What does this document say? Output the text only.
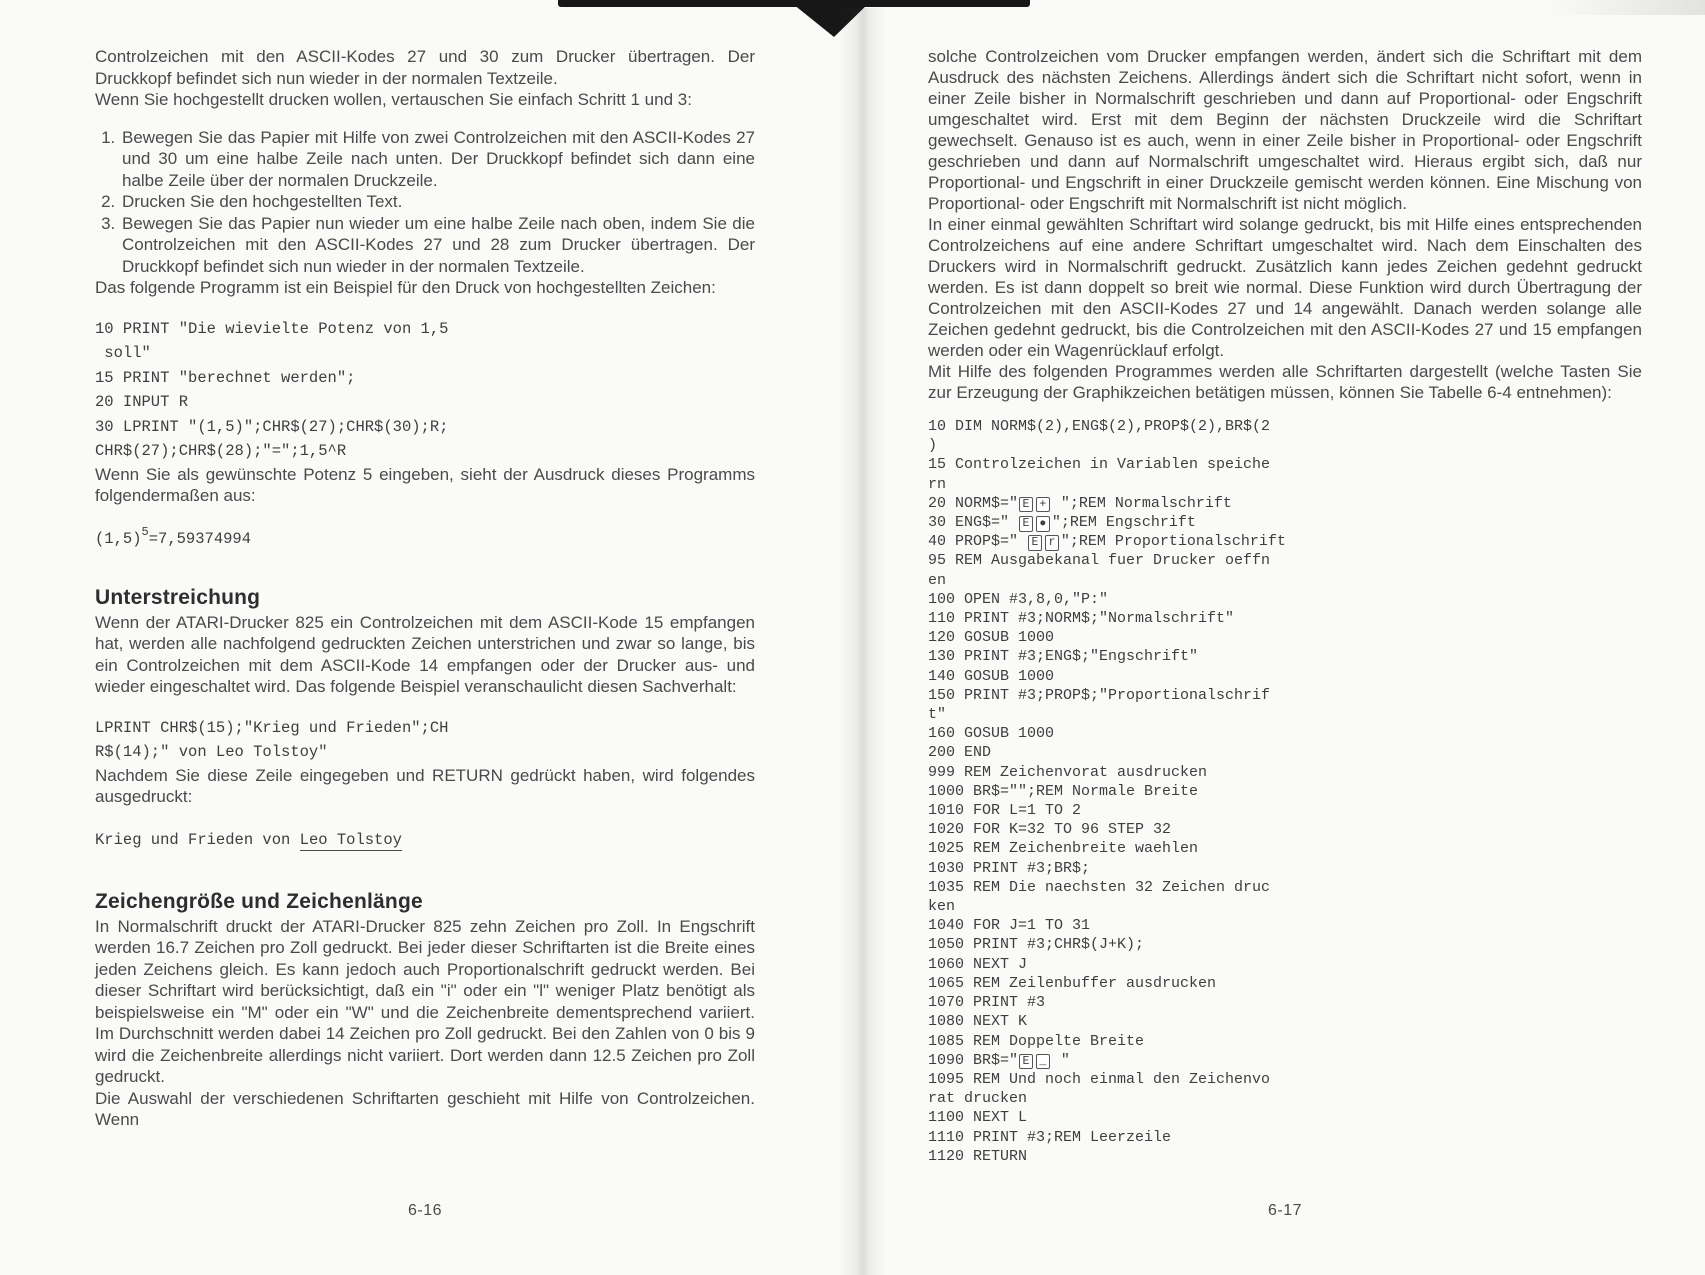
Controlzeichen mit den ASCII-Kodes 27 und 30 zum Drucker übertragen. Der Druckkopf befindet sich nun wieder in der normalen Textzeile.

Wenn Sie hochgestellt drucken wollen, vertauschen Sie einfach Schritt 1 und 3:

1. Bewegen Sie das Papier mit Hilfe von zwei Controlzeichen mit den ASCII-Kodes 27 und 30 um eine halbe Zeile nach unten. Der Druckkopf befindet sich dann eine halbe Zeile über der normalen Druckzeile.
2. Drucken Sie den hochgestellten Text.
3. Bewegen Sie das Papier nun wieder um eine halbe Zeile nach oben, indem Sie die Controlzeichen mit den ASCII-Kodes 27 und 28 zum Drucker übertragen. Der Druckkopf befindet sich nun wieder in der normalen Textzeile.

Das folgende Programm ist ein Beispiel für den Druck von hochgestellten Zeichen:

10 PRINT "Die wievielte Potenz von 1,5
soll"
15 PRINT "berechnet werden";
20 INPUT R
30 LPRINT "(1,5)";CHR$(27);CHR$(30);R;
CHR$(27);CHR$(28);"=";1,5^R

Wenn Sie als gewünschte Potenz 5 eingeben, sieht der Ausdruck dieses Programms folgendermaßen aus:

(1,5)5=7,59374994
Unterstreichung

Wenn der ATARI-Drucker 825 ein Controlzeichen mit dem ASCII-Kode 15 empfangen hat, werden alle nachfolgend gedruckten Zeichen unterstrichen und zwar so lange, bis ein Controlzeichen mit dem ASCII-Kode 14 empfangen oder der Drucker aus- und wieder eingeschaltet wird. Das folgende Beispiel veranschaulicht diesen Sachverhalt:

LPRINT CHR$(15);"Krieg und Frieden";CH
R$(14);" von Leo Tolstoy"

Nachdem Sie diese Zeile eingegeben und RETURN gedrückt haben, wird folgendes ausgedruckt:

Krieg und Frieden von Leo Tolstoy
Zeichengröße und Zeichenlänge

In Normalschrift druckt der ATARI-Drucker 825 zehn Zeichen pro Zoll. In Engschrift werden 16.7 Zeichen pro Zoll gedruckt. Bei jeder dieser Schriftarten ist die Breite eines jeden Zeichens gleich. Es kann jedoch auch Proportionalschrift gedruckt werden. Bei dieser Schriftart wird berücksichtigt, daß ein "i" oder ein "l" weniger Platz benötigt als beispielsweise ein "M" oder ein "W" und die Zeichenbreite dementsprechend variiert. Im Durchschnitt werden dabei 14 Zeichen pro Zoll gedruckt. Bei den Zahlen von 0 bis 9 wird die Zeichenbreite allerdings nicht variiert. Dort werden dann 12.5 Zeichen pro Zoll gedruckt.

Die Auswahl der verschiedenen Schriftarten geschieht mit Hilfe von Controlzeichen. Wenn

6-16

solche Controlzeichen vom Drucker empfangen werden, ändert sich die Schriftart mit dem Ausdruck des nächsten Zeichens. Allerdings ändert sich die Schriftart nicht sofort, wenn in einer Zeile bisher in Normalschrift geschrieben und dann auf Proportional- oder Engschrift umgeschaltet wird. Erst mit dem Beginn der nächsten Druckzeile wird die Schriftart gewechselt. Genauso ist es auch, wenn in einer Zeile bisher in Proportional- oder Engschrift geschrieben und dann auf Normalschrift umgeschaltet wird. Hieraus ergibt sich, daß nur Proportional- und Engschrift in einer Druckzeile gemischt werden können. Eine Mischung von Proportional- oder Engschrift mit Normalschrift ist nicht möglich.

In einer einmal gewählten Schriftart wird solange gedruckt, bis mit Hilfe eines entsprechenden Controlzeichens auf eine andere Schriftart umgeschaltet wird. Nach dem Einschalten des Druckers wird in Normalschrift gedruckt. Zusätzlich kann jedes Zeichen gedehnt gedruckt werden. Es ist dann doppelt so breit wie normal. Diese Funktion wird durch Übertragung der Controlzeichen mit den ASCII-Kodes 27 und 14 angewählt. Danach werden solange alle Zeichen gedehnt gedruckt, bis die Controlzeichen mit den ASCII-Kodes 27 und 15 empfangen werden oder ein Wagenrücklauf erfolgt.

Mit Hilfe des folgenden Programmes werden alle Schriftarten dargestellt (welche Tasten Sie zur Erzeugung der Graphikzeichen betätigen müssen, können Sie Tabelle 6-4 entnehmen):

10 DIM NORM$(2),ENG$(2),PROP$(2),BR$(2
)
15 Controlzeichen in Variablen speiche
rn
20 NORM$=" E + ";REM Normalschrift
30 ENG$=" E ● ";REM Engschrift
40 PROP$=" E r ";REM Proportionalschrift
95 REM Ausgabekanal fuer Drucker oeffn
en
100 OPEN #3,8,0,"P:"
110 PRINT #3;NORM$;"Normalschrift"
120 GOSUB 1000
130 PRINT #3;ENG$;"Engschrift"
140 GOSUB 1000
150 PRINT #3;PROP$;"Proportionalschrif
t"
160 GOSUB 1000
200 END
999 REM Zeichenvorat ausdrucken
1000 BR$="";REM Normale Breite
1010 FOR L=1 TO 2
1020 FOR K=32 TO 96 STEP 32
1025 REM Zeichenbreite waehlen
1030 PRINT #3;BR$;
1035 REM Die naechsten 32 Zeichen druc
ken
1040 FOR J=1 TO 31
1050 PRINT #3;CHR$(J+K);
1060 NEXT J
1065 REM Zeilenbuffer ausdrucken
1070 PRINT #3
1080 NEXT K
1085 REM Doppelte Breite
1090 BR$=" E _ "
1095 REM Und noch einmal den Zeichenvo
rat drucken
1100 NEXT L
1110 PRINT #3;REM Leerzeile
1120 RETURN
6-17
